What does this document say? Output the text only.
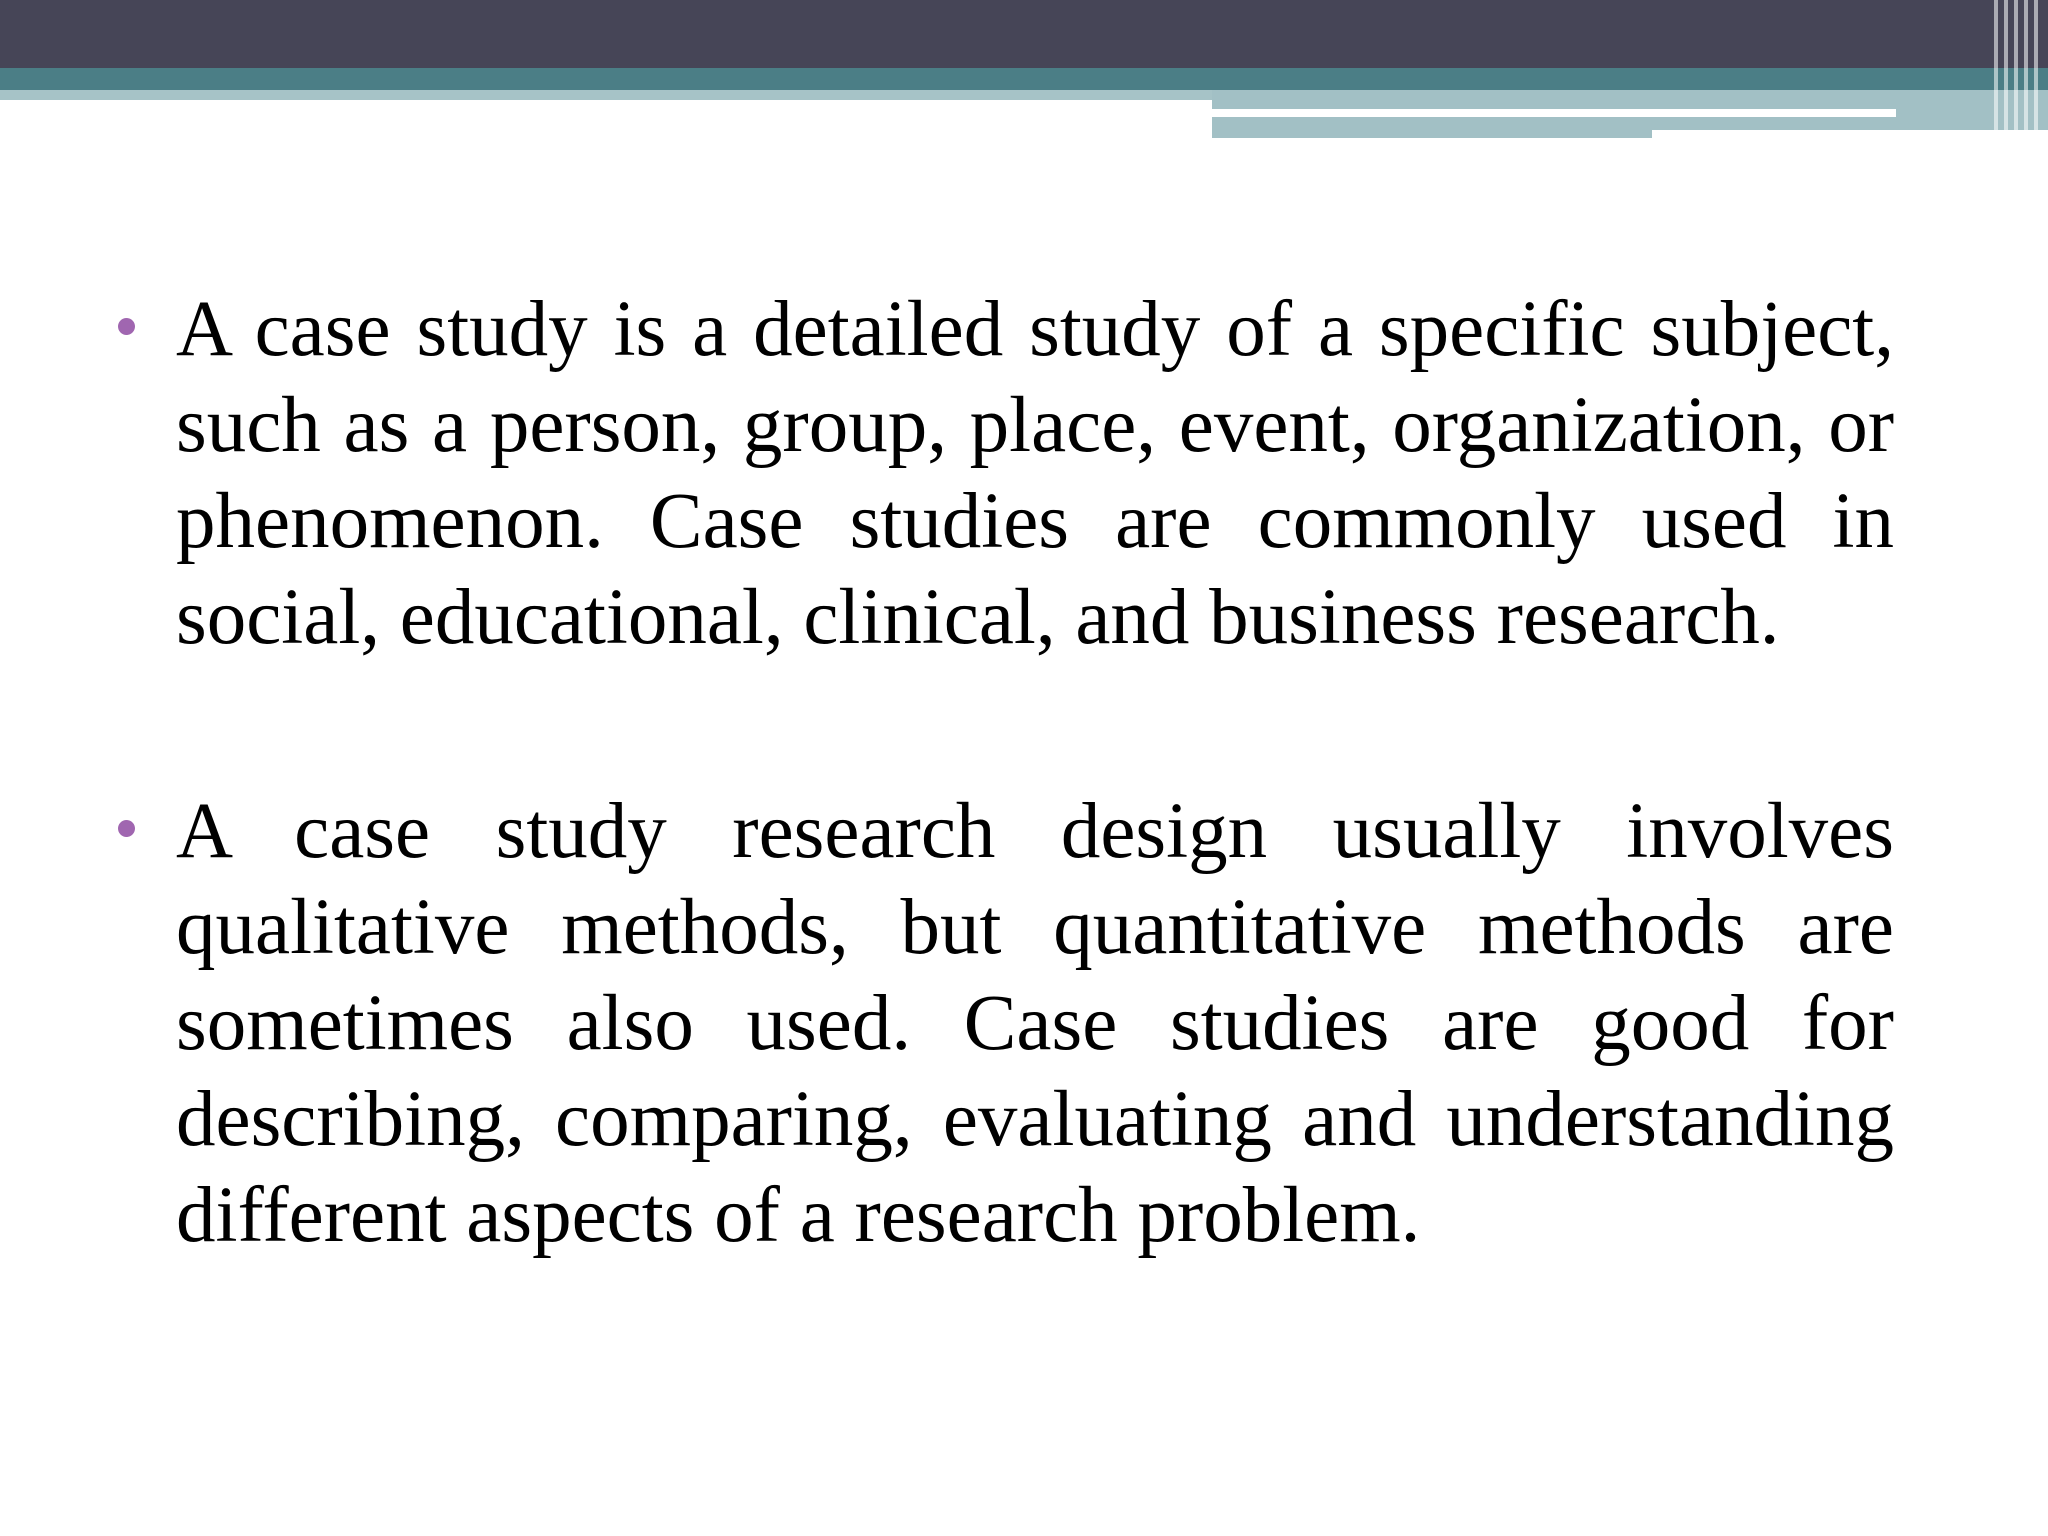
A case study is a detailed study of a specific subject, such as a person, group, place, event, organization, or phenomenon. Case studies are commonly used in social, educational, clinical, and business research.
A case study research design usually involves qualitative methods, but quantitative methods are sometimes also used. Case studies are good for describing, comparing, evaluating and understanding different aspects of a research problem.
